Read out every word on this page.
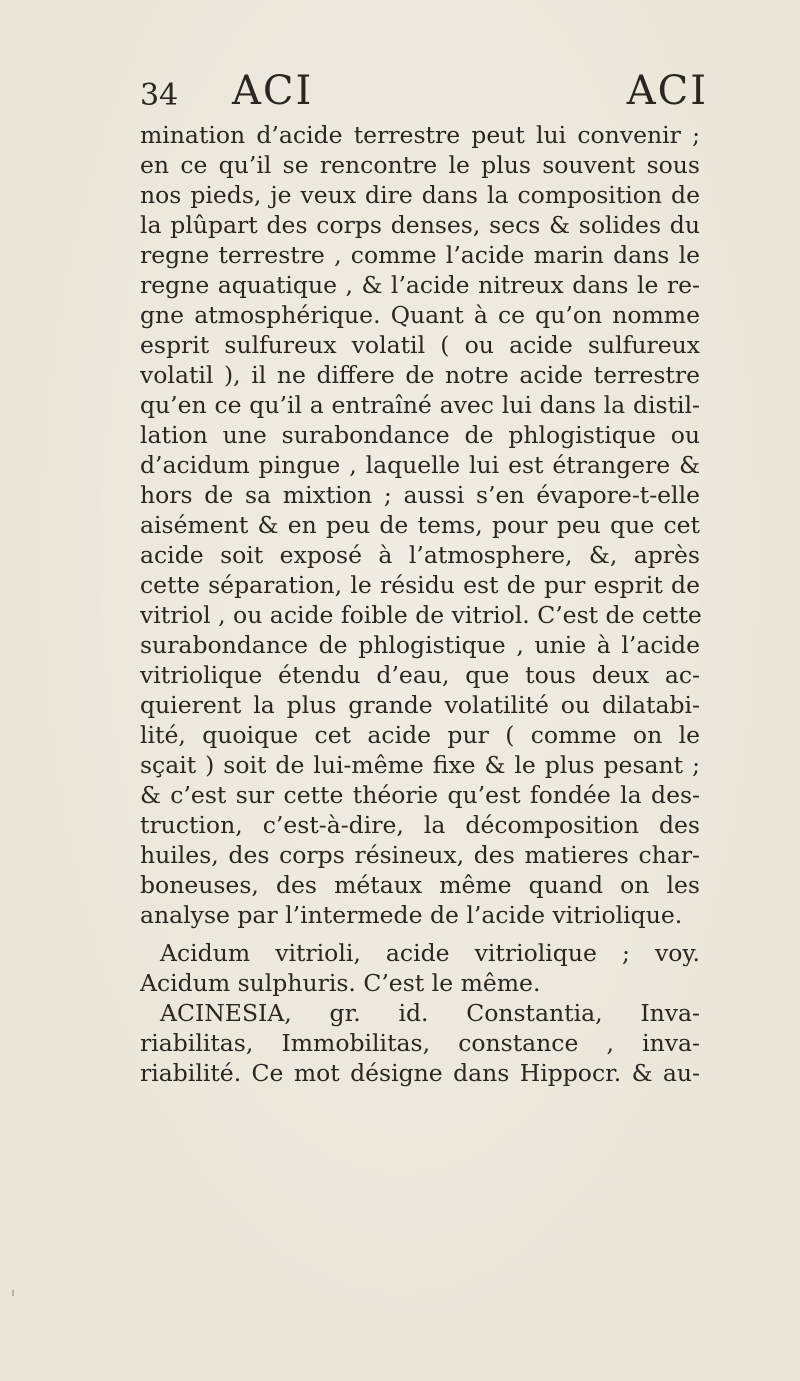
34 ACI	ACI
mination d’acide terrestre peut lui convenir ;
en ce qu’il se rencontre le plus souvent sous
nos pieds, je veux dire dans la composition de
la plûpart des corps denses, secs & solides du
regne terrestre , comme l’acide marin dans le
regne aquatique , & l’acide nitreux dans le re-
gne atmosphérique. Quant à ce qu’on nomme
esprit sulfureux volatil ( ou acide sulfureux
volatil ), il ne differe de notre acide terrestre
qu’en ce qu’il a entraîné avec lui dans la distil-
lation une surabondance de phlogistique ou
d’acidum pingue , laquelle lui est étrangere &
hors de sa mixtion ; aussi s’en évapore-t-elle
aisément & en peu de tems, pour peu que cet
acide soit exposé à l’atmosphere, &, après
cette séparation, le résidu est de pur esprit de
vitriol , ou acide foible de vitriol. C’est de cette
surabondance de phlogistique , unie à l’acide
vitriolique étendu d’eau, que tous deux ac-
quierent la plus grande volatilité ou dilatabi-
lité, quoique cet acide pur ( comme on le
sçait ) soit de lui-même fixe & le plus pesant ;
& c’est sur cette théorie qu’est fondée la des-
truction, c’est-à-dire, la décomposition des
huiles, des corps résineux, des matieres char-
boneuses, des métaux même quand on les
analyse par l’intermede de l’acide vitriolique.
Acidum vitrioli, acide vitriolique ; voy.
Acidum sulphuris. C’est le même.
ACINESIA, gr. id. Constantia, Inva-
riabilitas, Immobilitas, constance , inva-
riabilité. Ce mot désigne dans Hippocr. & au-
